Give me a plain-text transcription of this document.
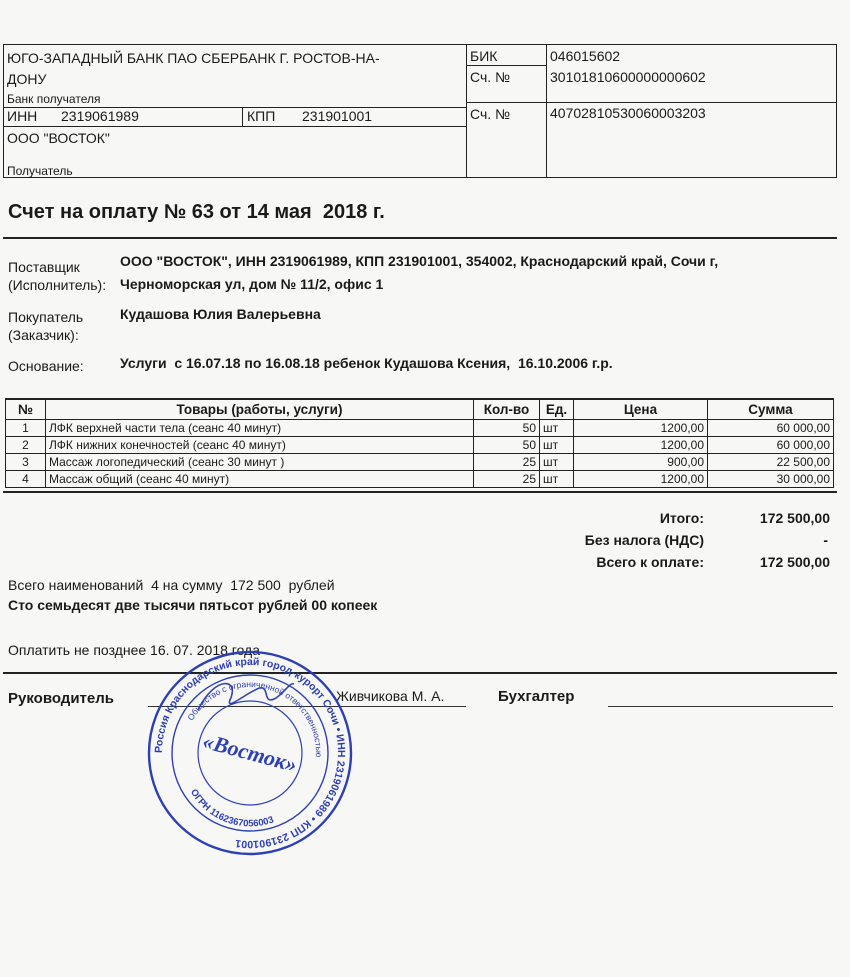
ЮГО-ЗАПАДНЫЙ БАНК ПАО СБЕРБАНК Г. РОСТОВ-НА-
ДОНУ
Банк получателя
БИК	046015602
Сч. №	30101810600000000602
ИНН 2319061989	КПП 231901001	Сч. №	40702810530060003203
ООО "ВОСТОК"
Получатель
Счет на оплату № 63 от 14 мая  2018 г.
Поставщик
(Исполнитель):
ООО "ВОСТОК", ИНН 2319061989, КПП 231901001, 354002, Краснодарский край, Сочи г,
Черноморская ул, дом № 11/2, офис 1
Покупатель
(Заказчик):
Кудашова Юлия Валерьевна
Основание:	Услуги  с 16.07.18 по 16.08.18 ребенок Кудашова Ксения,  16.10.2006 г.р.
№	Товары (работы, услуги)	Кол-во	Ед.	Цена	Сумма
1	ЛФК верхней части тела (сеанс 40 минут)	50	шт	1200,00	60 000,00
2	ЛФК нижних конечностей (сеанс 40 минут)	50	шт	1200,00	60 000,00
3	Массаж логопедический (сеанс 30 минут )	25	шт	900,00	22 500,00
4	Массаж общий (сеанс 40 минут)	25	шт	1200,00	30 000,00
Итого:	172 500,00
Без налога (НДС)	-
Всего к оплате:	172 500,00
Всего наименований  4 на сумму  172 500  рублей
Сто семьдесят две тысячи пятьсот рублей 00 копеек
Оплатить не позднее 16. 07. 2018 года
Руководитель	Живчикова М. А.	Бухгалтер
Россия Краснодарский край город-курорт Сочи • ИНН 2319061989 • КПП 231901001
Общество с ограниченной ответственностью
ОГРН 1162367056003
«Восток»
